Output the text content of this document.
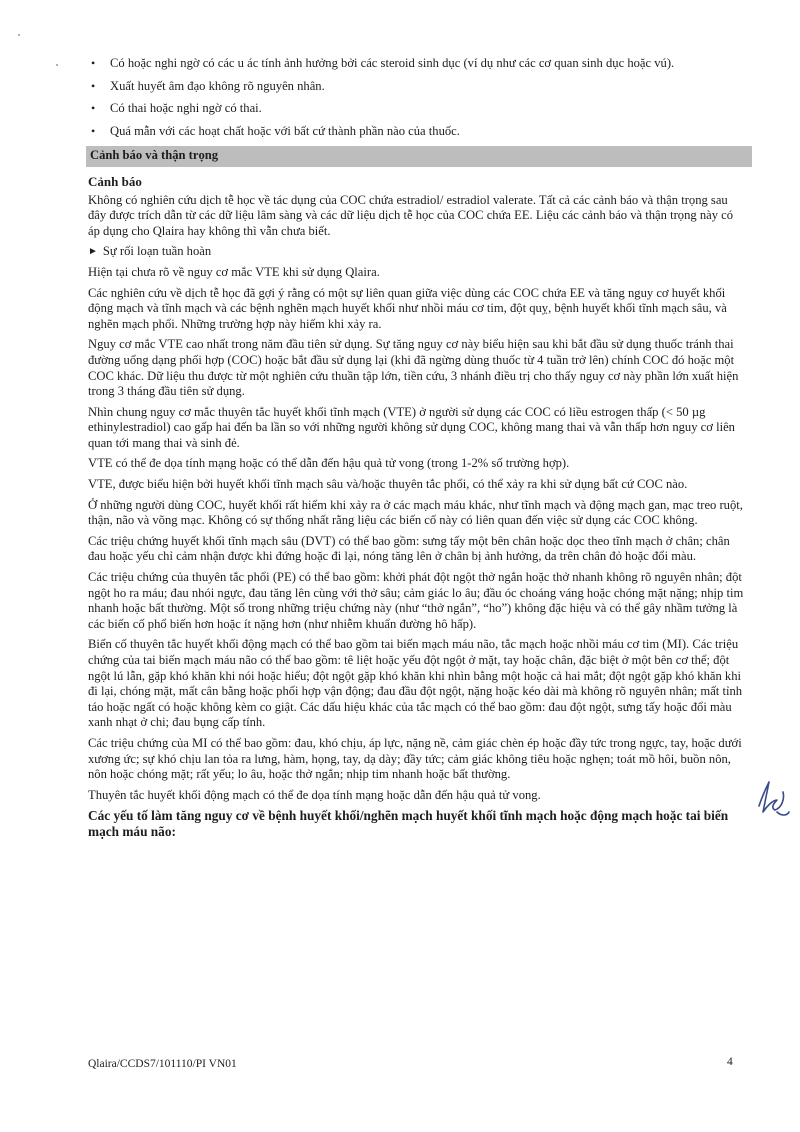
• Có hoặc nghi ngờ có các u ác tính ảnh hưởng bởi các steroid sinh dục (ví dụ như các cơ quan sinh dục hoặc vú).
• Xuất huyết âm đạo không rõ nguyên nhân.
• Có thai hoặc nghi ngờ có thai.
• Quá mẫn với các hoạt chất hoặc với bất cứ thành phần nào của thuốc.
Cảnh báo và thận trọng
Cảnh báo

Không có nghiên cứu dịch tễ học về tác dụng của COC chứa estradiol/ estradiol valerate. Tất cả các cảnh báo và thận trọng sau đây được trích dẫn từ các dữ liệu lâm sàng và các dữ liệu dịch tễ học của COC chứa EE. Liệu các cảnh báo và thận trọng này có áp dụng cho Qlaira hay không thì vẫn chưa biết.

► Sự rối loạn tuần hoàn

Hiện tại chưa rõ về nguy cơ mắc VTE khi sử dụng Qlaira.

Các nghiên cứu về dịch tễ học đã gợi ý rằng có một sự liên quan giữa việc dùng các COC chứa EE và tăng nguy cơ huyết khối động mạch và tĩnh mạch và các bệnh nghẽn mạch huyết khối như nhồi máu cơ tim, đột quỵ, bệnh huyết khối tĩnh mạch sâu, và nghẽn mạch phổi. Những trường hợp này hiếm khi xảy ra.

Nguy cơ mắc VTE cao nhất trong năm đầu tiên sử dụng. Sự tăng nguy cơ này biểu hiện sau khi bắt đầu sử dụng thuốc tránh thai đường uống dạng phối hợp (COC) hoặc bắt đầu sử dụng lại (khi đã ngừng dùng thuốc từ 4 tuần trở lên) chính COC đó hoặc một COC khác. Dữ liệu thu được từ một nghiên cứu thuần tập lớn, tiền cứu, 3 nhánh điều trị cho thấy nguy cơ này phần lớn xuất hiện trong 3 tháng đầu tiên sử dụng.

Nhìn chung nguy cơ mắc thuyên tắc huyết khối tĩnh mạch (VTE) ở người sử dụng các COC có liều estrogen thấp (< 50 µg ethinylestradiol) cao gấp hai đến ba lần so với những người không sử dụng COC, không mang thai và vẫn thấp hơn nguy cơ liên quan tới mang thai và sinh đẻ.

VTE có thể đe dọa tính mạng hoặc có thể dẫn đến hậu quả tử vong (trong 1-2% số trường hợp).

VTE, được biểu hiện bởi huyết khối tĩnh mạch sâu và/hoặc thuyên tắc phổi, có thể xảy ra khi sử dụng bất cứ COC nào.

Ở những người dùng COC, huyết khối rất hiếm khi xảy ra ở các mạch máu khác, như tĩnh mạch và động mạch gan, mạc treo ruột, thận, não và võng mạc. Không có sự thống nhất rằng liệu các biến cố này có liên quan đến việc sử dụng các COC không.

Các triệu chứng huyết khối tĩnh mạch sâu (DVT) có thể bao gồm: sưng tấy một bên chân hoặc dọc theo tĩnh mạch ở chân; chân đau hoặc yếu chỉ cảm nhận được khi đứng hoặc đi lại, nóng tăng lên ở chân bị ảnh hưởng, da trên chân đỏ hoặc đổi màu.

Các triệu chứng của thuyên tắc phổi (PE) có thể bao gồm: khởi phát đột ngột thở ngắn hoặc thở nhanh không rõ nguyên nhân; đột ngột ho ra máu; đau nhói ngực, đau tăng lên cùng với thở sâu; cảm giác lo âu; đầu óc choáng váng hoặc chóng mặt nặng; nhịp tim nhanh hoặc bất thường. Một số trong những triệu chứng này (như “thở ngắn”, “ho”) không đặc hiệu và có thể gây nhầm tưởng là các biến cố phổ biến hơn hoặc ít nặng hơn (như nhiễm khuẩn đường hô hấp).

Biến cố thuyên tắc huyết khối động mạch có thể bao gồm tai biến mạch máu não, tắc mạch hoặc nhồi máu cơ tim (MI). Các triệu chứng của tai biến mạch máu não có thể bao gồm: tê liệt hoặc yếu đột ngột ở mặt, tay hoặc chân, đặc biệt ở một bên cơ thể; đột ngột lú lẫn, gặp khó khăn khi nói hoặc hiểu; đột ngột gặp khó khăn khi nhìn bằng một hoặc cả hai mắt; đột ngột gặp khó khăn khi đi lại, chóng mặt, mất cân bằng hoặc phối hợp vận động; đau đầu đột ngột, nặng hoặc kéo dài mà không rõ nguyên nhân; mất tỉnh táo hoặc ngất có hoặc không kèm co giật. Các dấu hiệu khác của tắc mạch có thể bao gồm: đau đột ngột, sưng tấy hoặc đổi màu xanh nhạt ở chi; đau bụng cấp tính.

Các triệu chứng của MI có thể bao gồm: đau, khó chịu, áp lực, nặng nề, cảm giác chèn ép hoặc đầy tức trong ngực, tay, hoặc dưới xương ức; sự khó chịu lan tỏa ra lưng, hàm, họng, tay, dạ dày; đầy tức; cảm giác không tiêu hoặc nghẹn; toát mồ hôi, buồn nôn, nôn hoặc chóng mặt; rất yếu; lo âu, hoặc thở ngắn; nhịp tim nhanh hoặc bất thường.

Thuyên tắc huyết khối động mạch có thể đe dọa tính mạng hoặc dẫn đến hậu quả tử vong.

Các yếu tố làm tăng nguy cơ về bệnh huyết khối/nghẽn mạch huyết khối tĩnh mạch hoặc động mạch hoặc tai biến mạch máu não:
Qlaira/CCDS7/101110/PI VN01	4
